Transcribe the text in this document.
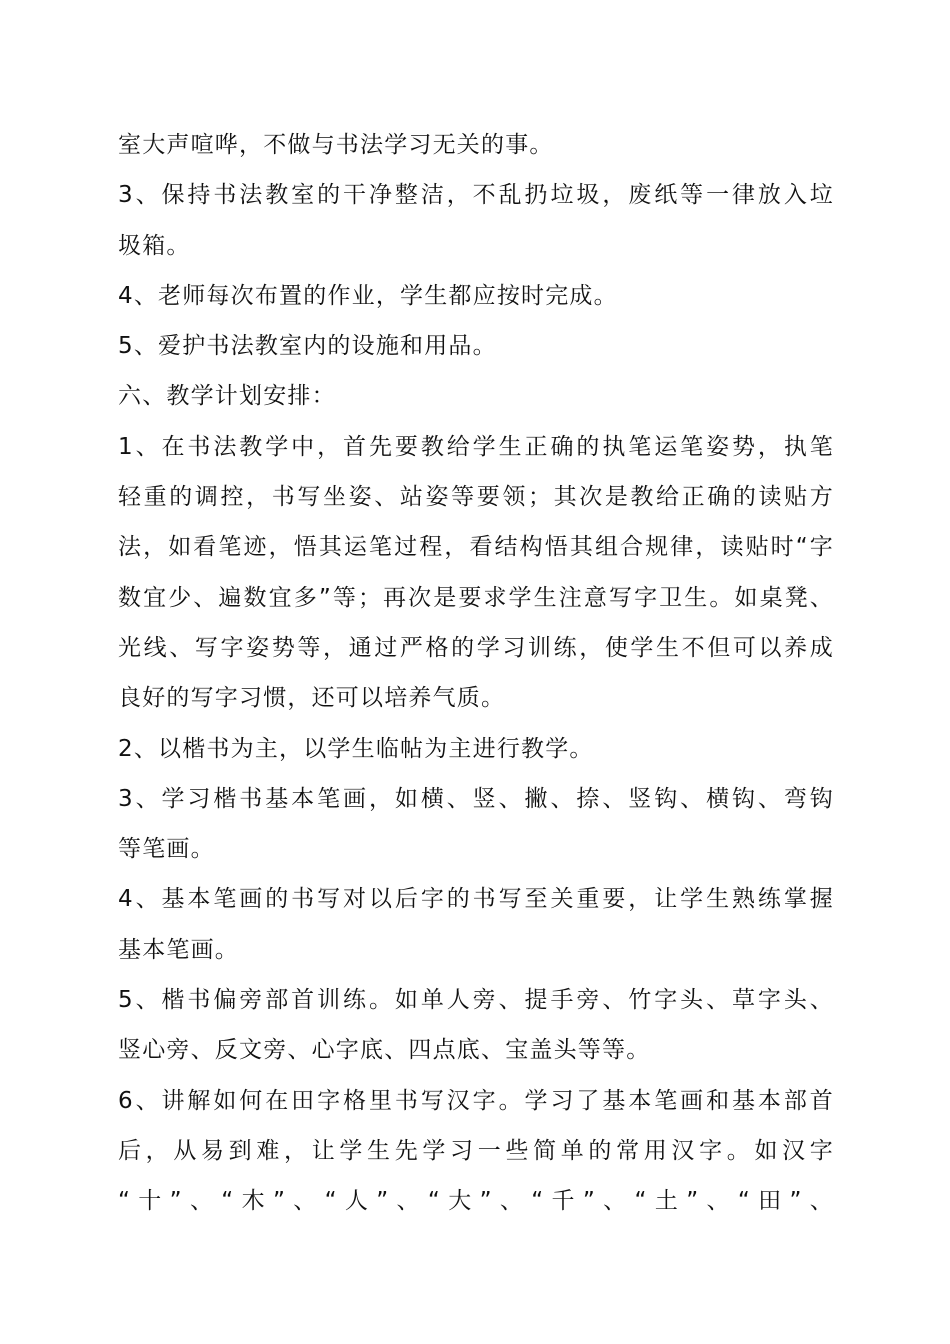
室大声喧哗，不做与书法学习无关的事。
3、保持书法教室的干净整洁，不乱扔垃圾，废纸等一律放入垃
圾箱。
4、老师每次布置的作业，学生都应按时完成。
5、爱护书法教室内的设施和用品。
六、教学计划安排：
1、在书法教学中，首先要教给学生正确的执笔运笔姿势，执笔
轻重的调控，书写坐姿、站姿等要领；其次是教给正确的读贴方
法，如看笔迹，悟其运笔过程，看结构悟其组合规律，读贴时“字
数宜少、遍数宜多”等；再次是要求学生注意写字卫生。如桌凳、
光线、写字姿势等，通过严格的学习训练，使学生不但可以养成
良好的写字习惯，还可以培养气质。
2、以楷书为主，以学生临帖为主进行教学。
3、学习楷书基本笔画，如横、竖、撇、捺、竖钩、横钩、弯钩
等笔画。
4、基本笔画的书写对以后字的书写至关重要，让学生熟练掌握
基本笔画。
5、楷书偏旁部首训练。如单人旁、提手旁、竹字头、草字头、
竖心旁、反文旁、心字底、四点底、宝盖头等等。
6、讲解如何在田字格里书写汉字。学习了基本笔画和基本部首
后，从易到难，让学生先学习一些简单的常用汉字。如汉字
“十”、“木”、“人”、“大”、“千”、“土”、“田”、
